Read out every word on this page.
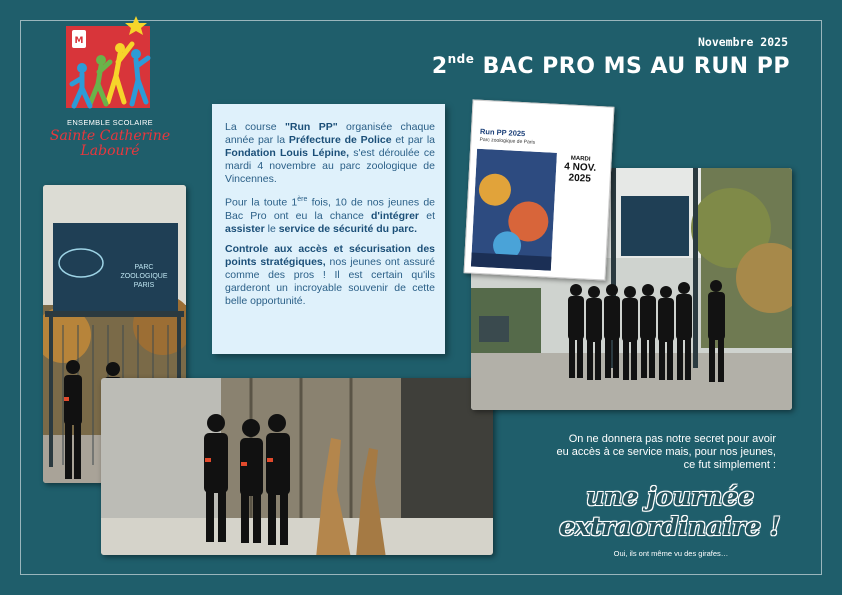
M
ENSEMBLE SCOLAIRE
Sainte Catherine
Labouré
Novembre 2025
2nde BAC PRO MS AU RUN PP

La course "Run PP" organisée chaque année par la Préfecture de Police et par la Fondation Louis Lépine, s'est déroulée ce mardi 4 novembre au parc zoologique de Vincennes.

Pour la toute 1ère fois, 10 de nos jeunes de Bac Pro ont eu la chance d'intégrer et assister le service de sécurité du parc.

Controle aux accès et sécurisation des points stratégiques, nos jeunes ont assuré comme des pros ! Il est certain qu'ils garderont un incroyable souvenir de cette belle opportunité.

PARC
ZOOLOGIQUE
PARIS
Run PP 2025
Parc zoologique de Paris
MARDI
4 NOV.
2025
On ne donnera pas notre secret pour avoir eu accès à ce service mais, pour nos jeunes, ce fut simplement :
une journée
extraordinaire !
Oui, ils ont même vu des girafes…
